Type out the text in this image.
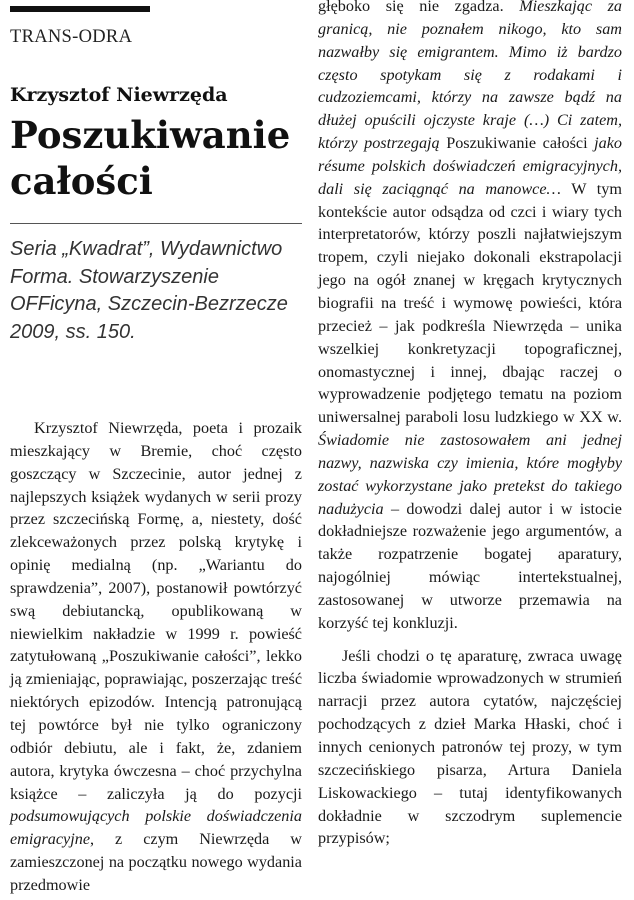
TRANS-ODRA
Krzysztof Niewrzęda
Poszukiwanie całości
Seria „Kwadrat”, Wydawnictwo Forma. Stowarzyszenie OFFicyna, Szczecin-Bezrzecze 2009, ss. 150.

Krzysztof Niewrzęda, poeta i prozaik mieszkający w Bremie, choć często goszczący w Szczecinie, autor jednej z najlepszych książek wydanych w serii prozy przez szczecińską Formę, a, niestety, dość zlekceważonych przez polską krytykę i opinię medialną (np. „Wariantu do sprawdzenia”, 2007), postanowił powtórzyć swą debiutancką, opublikowaną w niewielkim nakładzie w 1999 r. powieść zatytułowaną „Poszukiwanie całości”, lekko ją zmieniając, poprawiając, poszerzając treść niektórych epizodów. Intencją patronującą tej powtórce był nie tylko ograniczony odbiór debiutu, ale i fakt, że, zdaniem autora, krytyka ówczesna – choć przychylna książce – zaliczyła ją do pozycji podsumowujących polskie doświadczenia emigracyjne, z czym Niewrzęda w zamieszczonej na początku nowego wydania przedmowie

głęboko się nie zgadza. Mieszkając za granicą, nie poznałem nikogo, kto sam nazwałby się emigrantem. Mimo iż bardzo często spotykam się z rodakami i cudzoziemcami, którzy na zawsze bądź na dłużej opuścili ojczyste kraje (…) Ci zatem, którzy postrzegają Poszukiwanie całości jako résume polskich doświadczeń emigracyjnych, dali się zaciągnąć na manowce… W tym kontekście autor odsądza od czci i wiary tych interpretatorów, którzy poszli najłatwiejszym tropem, czyli niejako dokonali ekstrapolacji jego na ogół znanej w kręgach krytycznych biografii na treść i wymowę powieści, która przecież – jak podkreśla Niewrzęda – unika wszelkiej konkretyzacji topograficznej, onomastycznej i innej, dbając raczej o wyprowadzenie podjętego tematu na poziom uniwersalnej paraboli losu ludzkiego w XX w. Świadomie nie zastosowałem ani jednej nazwy, nazwiska czy imienia, które mogłyby zostać wykorzystane jako pretekst do takiego nadużycia – dowodzi dalej autor i w istocie dokładniejsze rozważenie jego argumentów, a także rozpatrzenie bogatej aparatury, najogólniej mówiąc intertekstualnej, zastosowanej w utworze przemawia na korzyść tej konkluzji.

Jeśli chodzi o tę aparaturę, zwraca uwagę liczba świadomie wprowadzonych w strumień narracji przez autora cytatów, najczęściej pochodzących z dzieł Marka Hłaski, choć i innych cenionych patronów tej prozy, w tym szczecińskiego pisarza, Artura Daniela Liskowackiego – tutaj identyfikowanych dokładnie w szczodrym suplemencie przypisów;
